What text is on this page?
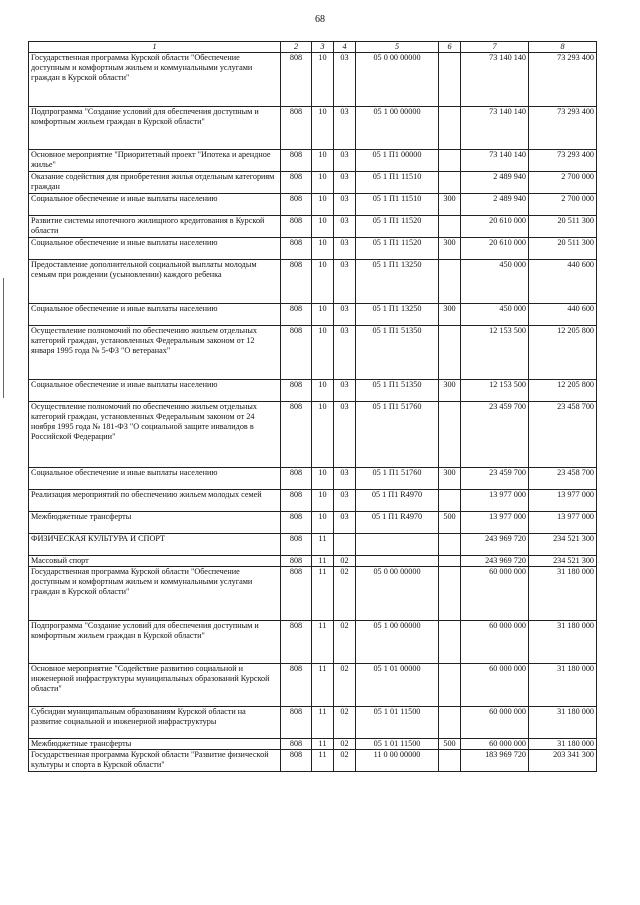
68
1	2	3	4	5	6	7	8
Государственная программа Курской области "Обеспечение доступным и комфортным жильем и коммунальными услугами граждан в Курской области"	808	10	03	05 0 00 00000		73 140 140	73 293 400
Подпрограмма "Создание условий для обеспечения доступным и комфортным жильем граждан в Курской области"	808	10	03	05 1 00 00000		73 140 140	73 293 400
Основное мероприятие "Приоритетный проект "Ипотека и арендное жилье"	808	10	03	05 1 П1 00000		73 140 140	73 293 400
Оказание содействия для приобретения жилья отдельным категориям граждан	808	10	03	05 1 П1 11510		2 489 940	2 700 000
Социальное обеспечение и иные выплаты населению	808	10	03	05 1 П1 11510	300	2 489 940	2 700 000
Развитие системы ипотечного жилищного кредитования в Курской области	808	10	03	05 1 П1 11520		20 610 000	20 511 300
Социальное обеспечение и иные выплаты населению	808	10	03	05 1 П1 11520	300	20 610 000	20 511 300
Предоставление дополнительной социальной выплаты молодым семьям при рождении (усыновлении) каждого ребенка	808	10	03	05 1 П1 13250		450 000	440 600
Социальное обеспечение и иные выплаты населению	808	10	03	05 1 П1 13250	300	450 000	440 600
Осуществление полномочий по обеспечению жильем отдельных категорий граждан, установленных Федеральным законом от 12 января 1995 года № 5-ФЗ "О ветеранах"	808	10	03	05 1 П1 51350		12 153 500	12 205 800
Социальное обеспечение и иные выплаты населению	808	10	03	05 1 П1 51350	300	12 153 500	12 205 800
Осуществление полномочий по обеспечению жильем отдельных категорий граждан, установленных Федеральным законом от 24 ноября 1995 года № 181-ФЗ "О социальной защите инвалидов в Российской Федерации"	808	10	03	05 1 П1 51760		23 459 700	23 458 700
Социальное обеспечение и иные выплаты населению	808	10	03	05 1 П1 51760	300	23 459 700	23 458 700
Реализация мероприятий по обеспечению жильем молодых семей	808	10	03	05 1 П1 R4970		13 977 000	13 977 000
Межбюджетные трансферты	808	10	03	05 1 П1 R4970	500	13 977 000	13 977 000
ФИЗИЧЕСКАЯ КУЛЬТУРА И СПОРТ	808	11				243 969 720	234 521 300
Массовый спорт	808	11	02			243 969 720	234 521 300
Государственная программа Курской области "Обеспечение доступным и комфортным жильем и коммунальными услугами граждан в Курской области"	808	11	02	05 0 00 00000		60 000 000	31 180 000
Подпрограмма "Создание условий для обеспечения доступным и комфортным жильем граждан в Курской области"	808	11	02	05 1 00 00000		60 000 000	31 180 000
Основное мероприятие "Содействие развитию социальной и инженерной инфраструктуры муниципальных образований Курской области"	808	11	02	05 1 01 00000		60 000 000	31 180 000
Субсидии муниципальным образованиям Курской области на развитие социальной и инженерной инфраструктуры	808	11	02	05 1 01 11500		60 000 000	31 180 000
Межбюджетные трансферты	808	11	02	05 1 01 11500	500	60 000 000	31 180 000
Государственная программа Курской области "Развитие физической культуры и спорта в Курской области"	808	11	02	11 0 00 00000		183 969 720	203 341 300
